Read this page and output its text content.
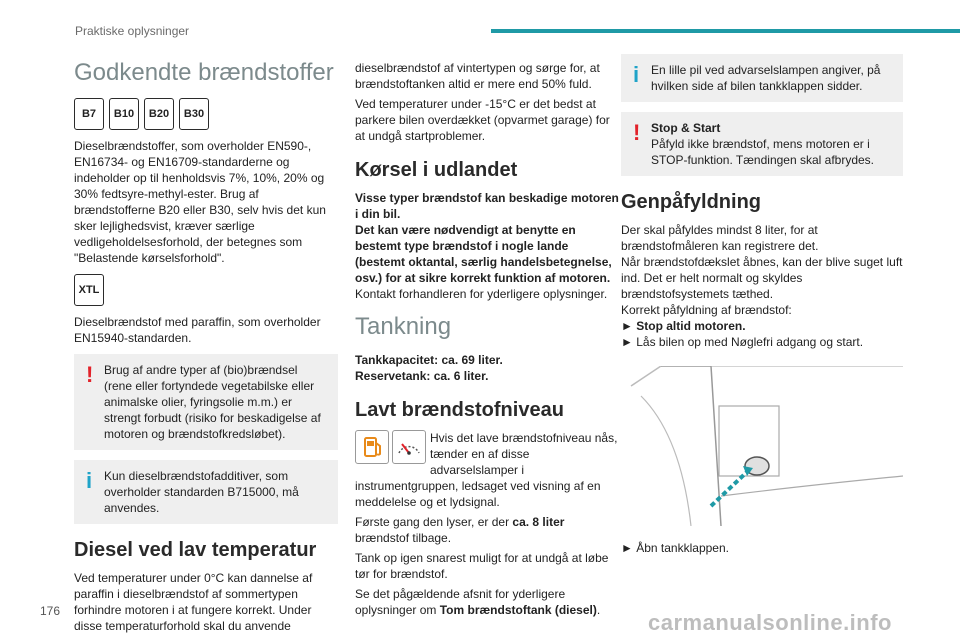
Praktiske oplysninger
Godkendte brændstoffer
B7	B10	B20	B30

Dieselbrændstoffer, som overholder EN590-, EN16734- og EN16709-standarderne og indeholder op til henholdsvis 7%, 10%, 20% og 30% fedtsyre-methyl-ester. Brug af brændstofferne B20 eller B30, selv hvis det kun sker lejlighedsvist, kræver særlige vedligeholdelsesforhold, der betegnes som "Belastende kørselsforhold".

XTL

Dieselbrændstof med paraffin, som overholder EN15940-standarden.

! Brug af andre typer af (bio)brændsel (rene eller fortyndede vegetabilske eller animalske olier, fyringsolie m.m.) er strengt forbudt (risiko for beskadigelse af motoren og brændstofkredsløbet).
i Kun dieselbrændstofadditiver, som overholder standarden B715000, må anvendes.
Diesel ved lav temperatur

Ved temperaturer under 0°C kan dannelse af paraffin i dieselbrændstof af sommertypen forhindre motoren i at fungere korrekt. Under disse temperaturforhold skal du anvende

dieselbrændstof af vintertypen og sørge for, at brændstoftanken altid er mere end 50% fuld.

Ved temperaturer under -15°C er det bedst at parkere bilen overdækket (opvarmet garage) for at undgå startproblemer.

Kørsel i udlandet

Visse typer brændstof kan beskadige motoren i din bil.

Det kan være nødvendigt at benytte en bestemt type brændstof i nogle lande (bestemt oktantal, særlig handelsbetegnelse, osv.) for at sikre korrekt funktion af motoren.

Kontakt forhandleren for yderligere oplysninger.

Tankning

Tankkapacitet: ca. 69 liter.

Reservetank: ca. 6 liter.

Lavt brændstofniveau

Hvis det lave brændstofniveau nås, tænder en af disse advarselslamper i instrumentgruppen, ledsaget ved visning af en meddelelse og et lydsignal.

Første gang den lyser, er der ca. 8 liter brændstof tilbage.

Tank op igen snarest muligt for at undgå at løbe tør for brændstof.

Se det pågældende afsnit for yderligere oplysninger om Tom brændstoftank (diesel).

i En lille pil ved advarselslampen angiver, på hvilken side af bilen tankklappen sidder.
! Stop & Start
Påfyld ikke brændstof, mens motoren er i STOP-funktion. Tændingen skal afbrydes.
Genpåfyldning

Der skal påfyldes mindst 8 liter, for at brændstofmåleren kan registrere det.

Når brændstofdækslet åbnes, kan der blive suget luft ind. Det er helt normalt og skyldes brændstofsystemets tæthed.

Korrekt påfyldning af brændstof:

► Stop altid motoren.

► Lås bilen op med Nøglefri adgang og start.

► Åbn tankklappen.

176	carmanualsonline.info
